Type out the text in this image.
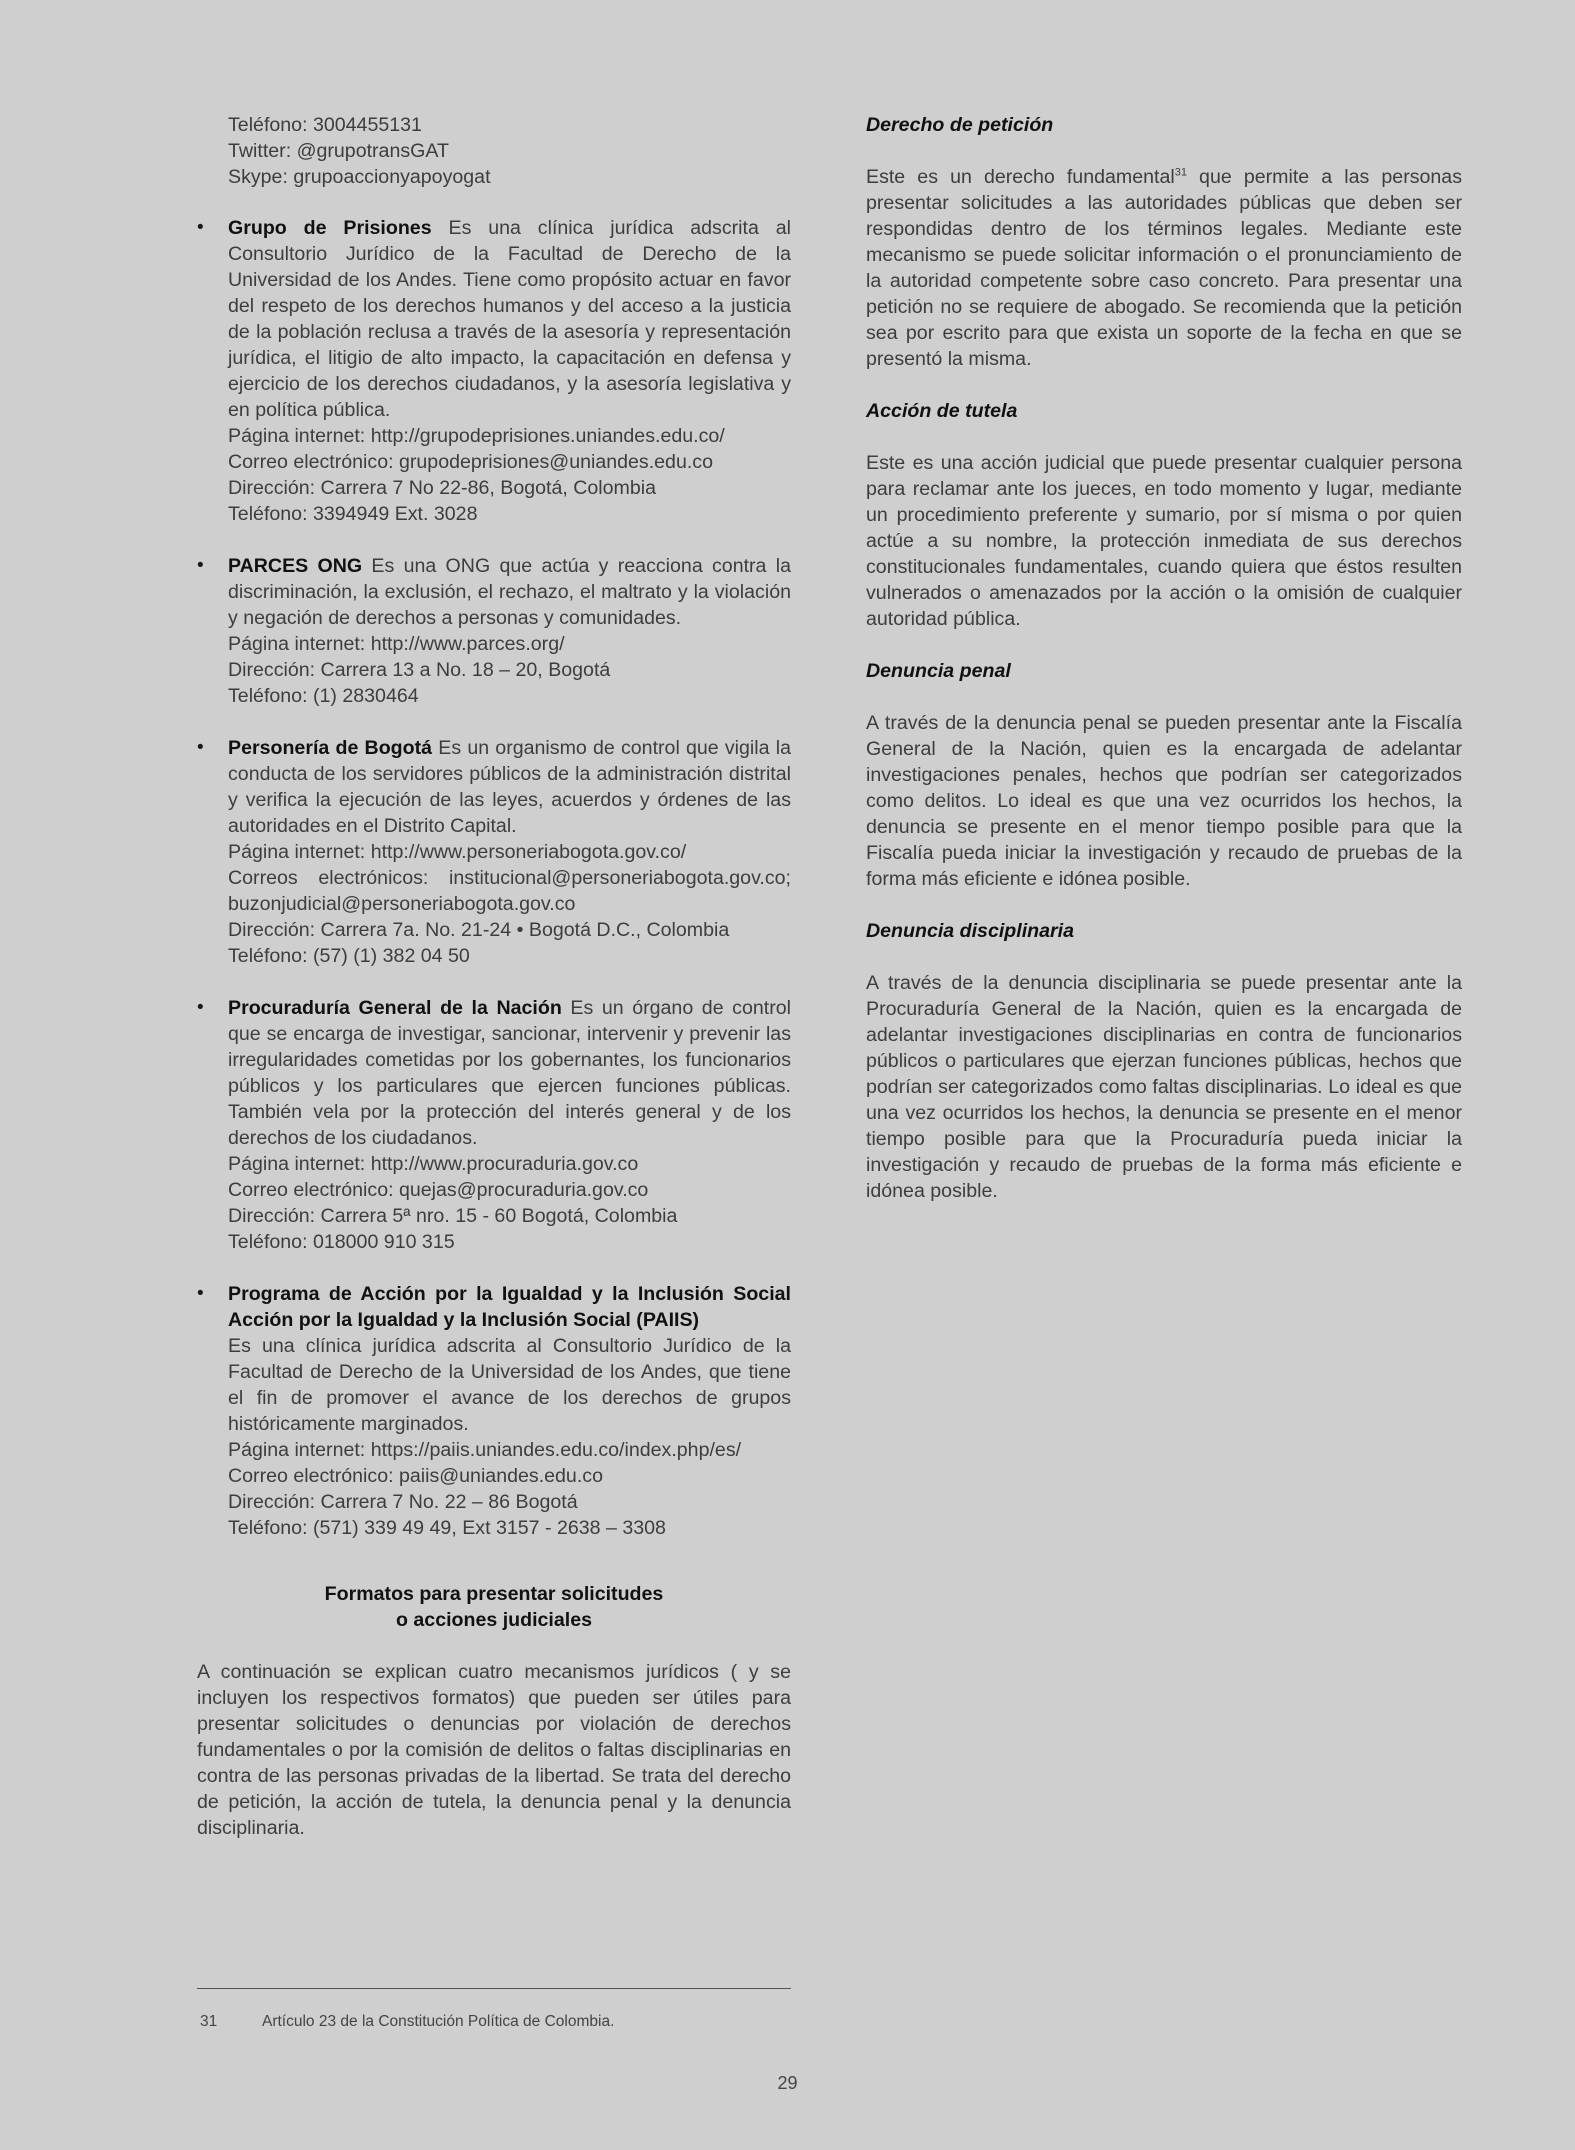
Teléfono: 3004455131

Twitter: @grupotransGAT

Skype: grupoaccionyapoyogat

• Grupo de Prisiones Es una clínica jurídica adscrita al Consultorio Jurídico de la Facultad de Derecho de la Universidad de los Andes. Tiene como propósito actuar en favor del respeto de los derechos humanos y del acceso a la justicia de la población reclusa a través de la asesoría y representación jurídica, el litigio de alto impacto, la capacitación en defensa y ejercicio de los derechos ciudadanos, y la asesoría legislativa y en política pública.

Página internet: http://grupodeprisiones.uniandes.edu.co/

Correo electrónico: grupodeprisiones@uniandes.edu.co

Dirección: Carrera 7 No 22-86, Bogotá, Colombia

Teléfono: 3394949 Ext. 3028

• PARCES ONG Es una ONG que actúa y reacciona contra la discriminación, la exclusión, el rechazo, el maltrato y la violación y negación de derechos a personas y comunidades.

Página internet: http://www.parces.org/

Dirección: Carrera 13 a No. 18 – 20, Bogotá

Teléfono: (1) 2830464

• Personería de Bogotá Es un organismo de control que vigila la conducta de los servidores públicos de la administración distrital y verifica la ejecución de las leyes, acuerdos y órdenes de las autoridades en el Distrito Capital.

Página internet: http://www.personeriabogota.gov.co/

Correos electrónicos: institucional@personeriabogota.gov.co; buzonjudicial@personeriabogota.gov.co

Dirección: Carrera 7a. No. 21-24 • Bogotá D.C., Colombia

Teléfono: (57) (1) 382 04 50

• Procuraduría General de la Nación Es un órgano de control que se encarga de investigar, sancionar, intervenir y prevenir las irregularidades cometidas por los gobernantes, los funcionarios públicos y los particulares que ejercen funciones públicas. También vela por la protección del interés general y de los derechos de los ciudadanos.

Página internet: http://www.procuraduria.gov.co

Correo electrónico: quejas@procuraduria.gov.co

Dirección: Carrera 5ª nro. 15 - 60 Bogotá, Colombia

Teléfono: 018000 910 315

• Programa de Acción por la Igualdad y la Inclusión Social Acción por la Igualdad y la Inclusión Social (PAIIS)

Es una clínica jurídica adscrita al Consultorio Jurídico de la Facultad de Derecho de la Universidad de los Andes, que tiene el fin de promover el avance de los derechos de grupos históricamente marginados.

Página internet: https://paiis.uniandes.edu.co/index.php/es/

Correo electrónico: paiis@uniandes.edu.co

Dirección: Carrera 7 No. 22 – 86 Bogotá

Teléfono: (571) 339 49 49, Ext 3157 - 2638 – 3308

Formatos para presentar solicitudes
o acciones judiciales

A continuación se explican cuatro mecanismos jurídicos ( y se incluyen los respectivos formatos) que pueden ser útiles para presentar solicitudes o denuncias por violación de derechos fundamentales o por la comisión de delitos o faltas disciplinarias en contra de las personas privadas de la libertad. Se trata del derecho de petición, la acción de tutela, la denuncia penal y la denuncia disciplinaria.

Derecho de petición

Este es un derecho fundamental$^{31}$ que permite a las personas presentar solicitudes a las autoridades públicas que deben ser respondidas dentro de los términos legales. Mediante este mecanismo se puede solicitar información o el pronunciamiento de la autoridad competente sobre caso concreto. Para presentar una petición no se requiere de abogado. Se recomienda que la petición sea por escrito para que exista un soporte de la fecha en que se presentó la misma.

Acción de tutela

Este es una acción judicial que puede presentar cualquier persona para reclamar ante los jueces, en todo momento y lugar, mediante un procedimiento preferente y sumario, por sí misma o por quien actúe a su nombre, la protección inmediata de sus derechos constitucionales fundamentales, cuando quiera que éstos resulten vulnerados o amenazados por la acción o la omisión de cualquier autoridad pública.

Denuncia penal

A través de la denuncia penal se pueden presentar ante la Fiscalía General de la Nación, quien es la encargada de adelantar investigaciones penales, hechos que podrían ser categorizados como delitos. Lo ideal es que una vez ocurridos los hechos, la denuncia se presente en el menor tiempo posible para que la Fiscalía pueda iniciar la investigación y recaudo de pruebas de la forma más eficiente e idónea posible.

Denuncia disciplinaria

A través de la denuncia disciplinaria se puede presentar ante la Procuraduría General de la Nación, quien es la encargada de adelantar investigaciones disciplinarias en contra de funcionarios públicos o particulares que ejerzan funciones públicas, hechos que podrían ser categorizados como faltas disciplinarias. Lo ideal es que una vez ocurridos los hechos, la denuncia se presente en el menor tiempo posible para que la Procuraduría pueda iniciar la investigación y recaudo de pruebas de la forma más eficiente e idónea posible.

31	Artículo 23 de la Constitución Política de Colombia.
29
